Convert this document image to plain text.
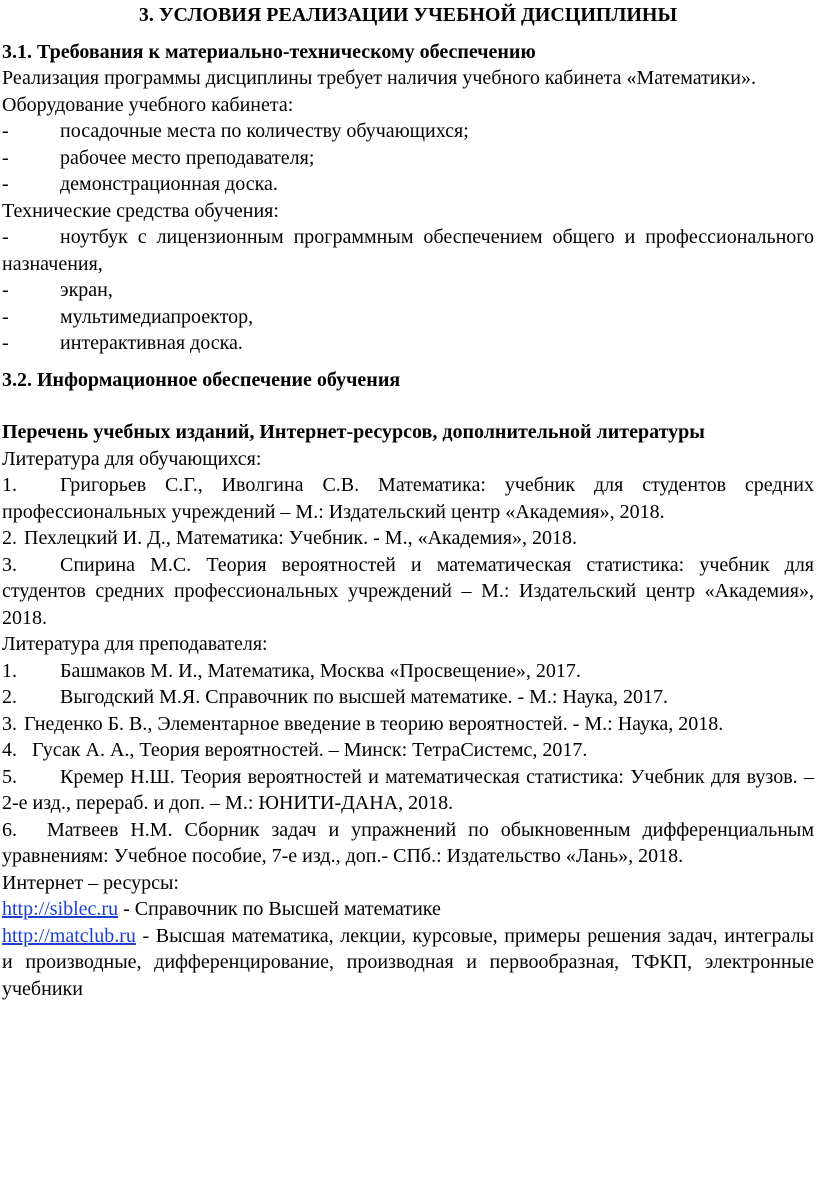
3. УСЛОВИЯ РЕАЛИЗАЦИИ УЧЕБНОЙ ДИСЦИПЛИНЫ

3.1. Требования к материально-техническому обеспечению

Реализация программы дисциплины требует наличия учебного кабинета «Математики».

Оборудование учебного кабинета:

-	посадочные места по количеству обучающихся;
-	рабочее место преподавателя;
-	демонстрационная доска.

Технические средства обучения:

-	ноутбук с лицензионным программным обеспечением общего и профессионального назначения,

-	экран,
-	мультимедиапроектор,
-	интерактивная доска.

3.2. Информационное обеспечение обучения

Перечень учебных изданий, Интернет-ресурсов, дополнительной литературы

Литература для обучающихся:

1. Григорьев С.Г., Иволгина С.В. Математика: учебник для студентов средних профессиональных учреждений – М.: Издательский центр «Академия», 2018.

2. Пехлецкий И. Д., Математика: Учебник. - М., «Академия», 2018.

3. Спирина М.С. Теория вероятностей и математическая статистика: учебник для студентов средних профессиональных учреждений – М.: Издательский центр «Академия», 2018.

Литература для преподавателя:

1. Башмаков М. И., Математика, Москва «Просвещение», 2017.

2. Выгодский М.Я. Справочник по высшей математике. - М.: Наука, 2017.

3. Гнеденко Б. В., Элементарное введение в теорию вероятностей. - М.: Наука, 2018.

4. Гусак А. А., Теория вероятностей. – Минск: ТетраСистемс, 2017.

5. Кремер Н.Ш. Теория вероятностей и математическая статистика: Учебник для вузов. – 2-е изд., перераб. и доп. – М.: ЮНИТИ-ДАНА, 2018.

6. Матвеев Н.М. Сборник задач и упражнений по обыкновенным дифференциальным уравнениям: Учебное пособие, 7-е изд., доп.- СПб.: Издательство «Лань», 2018.

Интернет – ресурсы:

http://siblec.ru - Справочник по Высшей математике

http://matclub.ru - Высшая математика, лекции, курсовые, примеры решения задач, интегралы и производные, дифференцирование, производная и первообразная, ТФКП, электронные учебники
